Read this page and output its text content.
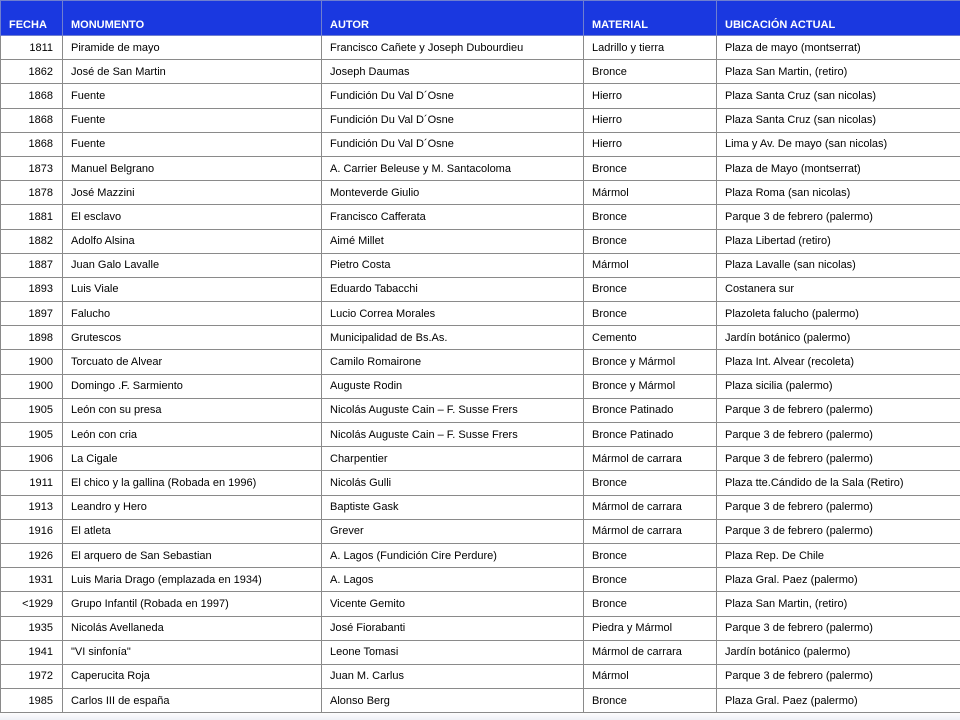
FECHA	MONUMENTO	AUTOR	MATERIAL	UBICACIÓN ACTUAL
1811	Piramide de mayo	Francisco Cañete y Joseph Dubourdieu	Ladrillo y tierra	Plaza de mayo (montserrat)
1862	José de San Martin	Joseph Daumas	Bronce	Plaza San Martin, (retiro)
1868	Fuente	Fundición Du Val D´Osne	Hierro	Plaza Santa Cruz (san nicolas)
1868	Fuente	Fundición Du Val D´Osne	Hierro	Plaza Santa Cruz (san nicolas)
1868	Fuente	Fundición Du Val D´Osne	Hierro	Lima y Av. De mayo (san nicolas)
1873	Manuel Belgrano	A. Carrier Beleuse y M. Santacoloma	Bronce	Plaza de Mayo (montserrat)
1878	José Mazzini	Monteverde Giulio	Mármol	Plaza Roma (san nicolas)
1881	El esclavo	Francisco Cafferata	Bronce	Parque 3 de febrero (palermo)
1882	Adolfo Alsina	Aimé Millet	Bronce	Plaza Libertad (retiro)
1887	Juan Galo Lavalle	Pietro Costa	Mármol	Plaza Lavalle (san nicolas)
1893	Luis Viale	Eduardo Tabacchi	Bronce	Costanera sur
1897	Falucho	Lucio Correa Morales	Bronce	Plazoleta falucho (palermo)
1898	Grutescos	Municipalidad de Bs.As.	Cemento	Jardín botánico (palermo)
1900	Torcuato de Alvear	Camilo Romairone	Bronce y Mármol	Plaza Int. Alvear (recoleta)
1900	Domingo .F. Sarmiento	Auguste Rodin	Bronce y Mármol	Plaza sicilia (palermo)
1905	León con su presa	Nicolás Auguste Cain – F. Susse Frers	Bronce Patinado	Parque 3 de febrero (palermo)
1905	León con cria	Nicolás Auguste Cain – F. Susse Frers	Bronce Patinado	Parque 3 de febrero (palermo)
1906	La Cigale	Charpentier	Mármol de carrara	Parque 3 de febrero (palermo)
1911	El chico y la gallina (Robada en 1996)	Nicolás Gulli	Bronce	Plaza tte.Cándido de la Sala (Retiro)
1913	Leandro y Hero	Baptiste Gask	Mármol de carrara	Parque 3 de febrero (palermo)
1916	El atleta	Grever	Mármol de carrara	Parque 3 de febrero (palermo)
1926	El arquero de San Sebastian	A. Lagos (Fundición Cire Perdure)	Bronce	Plaza Rep. De Chile
1931	Luis Maria Drago (emplazada en 1934)	A. Lagos	Bronce	Plaza Gral. Paez (palermo)
<1929	Grupo Infantil (Robada en 1997)	Vicente Gemito	Bronce	Plaza San Martin, (retiro)
1935	Nicolás Avellaneda	José Fiorabanti	Piedra y Mármol	Parque 3 de febrero (palermo)
1941	"VI sinfonía"	Leone Tomasi	Mármol de carrara	Jardín botánico (palermo)
1972	Caperucita Roja	Juan M. Carlus	Mármol	Parque 3 de febrero (palermo)
1985	Carlos III de españa	Alonso Berg	Bronce	Plaza Gral. Paez (palermo)
